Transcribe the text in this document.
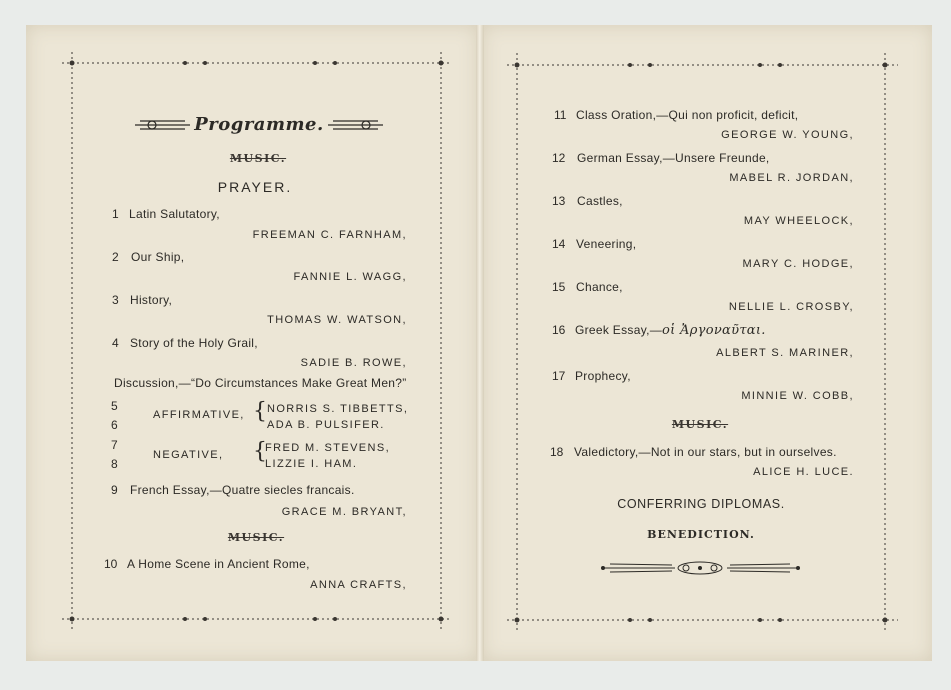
Programme.
MUSIC.
PRAYER.
1 Latin Salutatory,
FREEMAN C. FARNHAM,
2 Our Ship,
FANNIE L. WAGG,
3 History,
THOMAS W. WATSON,
4 Story of the Holy Grail,
SADIE B. ROWE,
Discussion,—“Do Circumstances Make Great Men?”
5
6
AFFIRMATIVE, { NORRIS S. TIBBETTS,
ADA B. PULSIFER.
7
8
NEGATIVE, {
FRED M. STEVENS,
LIZZIE I. HAM.
9 French Essay,—Quatre siecles francais.
GRACE M. BRYANT,
MUSIC.
10 A Home Scene in Ancient Rome,
ANNA CRAFTS,
11 Class Oration,—Qui non proficit, deficit,
GEORGE W. YOUNG,
12 German Essay,—Unsere Freunde,
MABEL R. JORDAN,
13 Castles,
MAY WHEELOCK,
14 Veneering,
MARY C. HODGE,
15 Chance,
NELLIE L. CROSBY,
16 Greek Essay,—οἱ Ἀργοναῦται.
ALBERT S. MARINER,
17 Prophecy,
MINNIE W. COBB,
MUSIC.
18 Valedictory,—Not in our stars, but in ourselves.
ALICE H. LUCE.
CONFERRING DIPLOMAS.
BENEDICTION.
